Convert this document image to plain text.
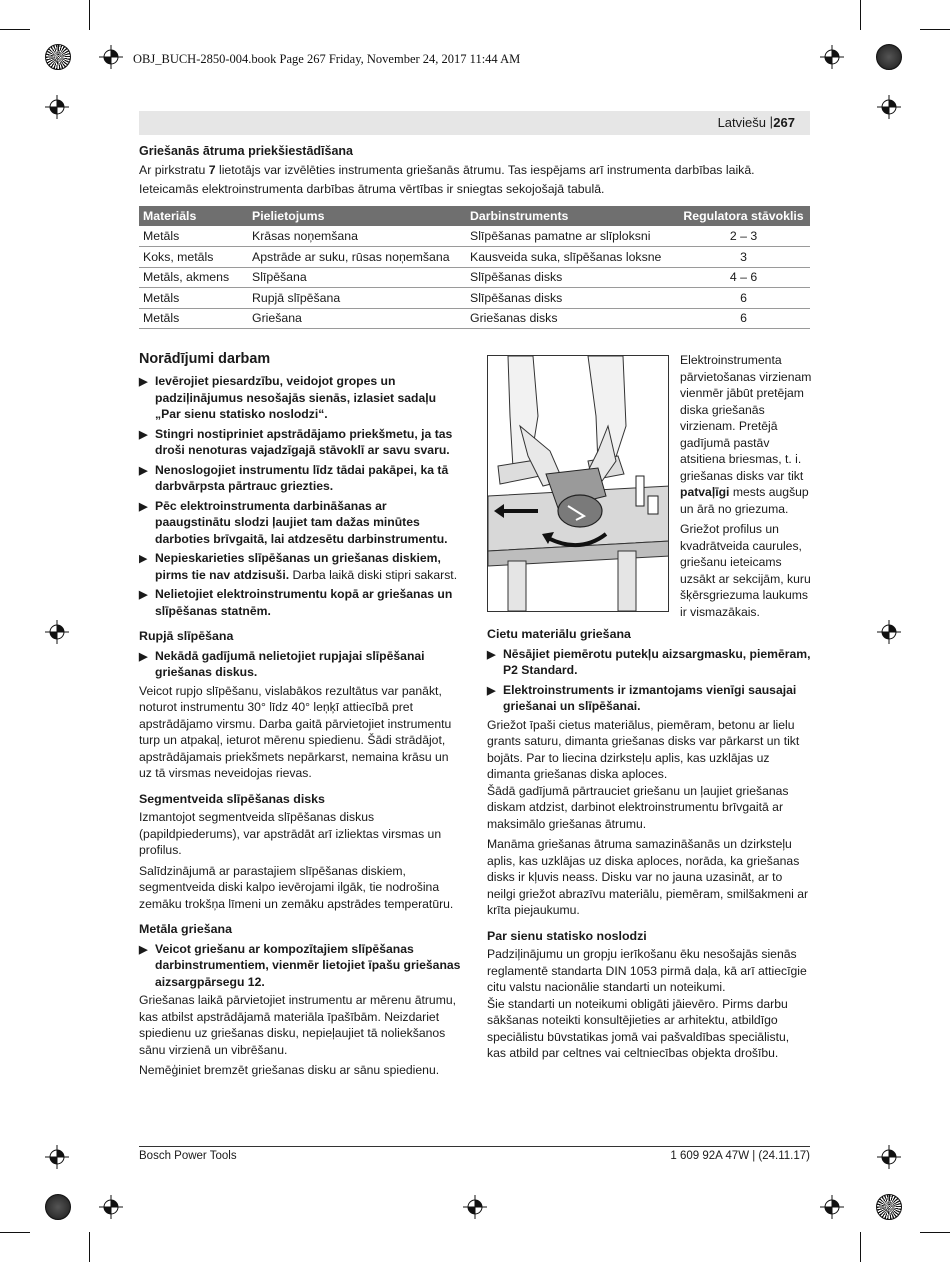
OBJ_BUCH-2850-004.book Page 267 Friday, November 24, 2017 11:44 AM
Latviešu | 267
Griešanās ātruma priekšiestādīšana
Ar pirkstratu 7 lietotājs var izvēlēties instrumenta griešanās ātrumu. Tas iespējams arī instrumenta darbības laikā.
Ieteicamās elektroinstrumenta darbības ātruma vērtības ir sniegtas sekojošajā tabulā.
Materiāls	Pielietojums	Darbinstruments	Regulatora stāvoklis
Metāls	Krāsas noņemšana	Slīpēšanas pamatne ar slīploksni	2 – 3
Koks, metāls	Apstrāde ar suku, rūsas noņemšana	Kausveida suka, slīpēšanas loksne	3
Metāls, akmens	Slīpēšana	Slīpēšanas disks	4 – 6
Metāls	Rupjā slīpēšana	Slīpēšanas disks	6
Metāls	Griešana	Griešanas disks	6
Norādījumi darbam
▶ Ievērojiet piesardzību, veidojot gropes un padziļinājumus nesošajās sienās, izlasiet sadaļu „Par sienu statisko noslodzi“.
▶ Stingri nostipriniet apstrādājamo priekšmetu, ja tas droši nenoturas vajadzīgajā stāvoklī ar savu svaru.
▶ Nenoslogojiet instrumentu līdz tādai pakāpei, ka tā darbvārpsta pārtrauc griezties.
▶ Pēc elektroinstrumenta darbināšanas ar paaugstinātu slodzi ļaujiet tam dažas minūtes darboties brīvgaitā, lai atdzesētu darbinstrumentu.
▶ Nepieskarieties slīpēšanas un griešanas diskiem, pirms tie nav atdzisuši. Darba laikā diski stipri sakarst.
▶ Nelietojiet elektroinstrumentu kopā ar griešanas un slīpēšanas statnēm.
Rupjā slīpēšana
▶ Nekādā gadījumā nelietojiet rupjajai slīpēšanai griešanas diskus.

Veicot rupjo slīpēšanu, vislabākos rezultātus var panākt, noturot instrumentu 30° līdz 40° leņķī attiecībā pret apstrādājamo virsmu. Darba gaitā pārvietojiet instrumentu turp un atpakaļ, ieturot mērenu spiedienu. Šādi strādājot, apstrādājamais priekšmets nepārkarst, nemaina krāsu un uz tā virsmas neveidojas rievas.

Segmentveida slīpēšanas disks

Izmantojot segmentveida slīpēšanas diskus (papildpiederums), var apstrādāt arī izliektas virsmas un profilus.

Salīdzinājumā ar parastajiem slīpēšanas diskiem, segmentveida diski kalpo ievērojami ilgāk, tie nodrošina zemāku trokšņa līmeni un zemāku apstrādes temperatūru.

Metāla griešana
▶ Veicot griešanu ar kompozītajiem slīpēšanas darbinstrumentiem, vienmēr lietojiet īpašu griešanas aizsargpārsegu 12.

Griešanas laikā pārvietojiet instrumentu ar mērenu ātrumu, kas atbilst apstrādājamā materiāla īpašībām. Neizdariet spiedienu uz griešanas disku, nepieļaujiet tā noliekšanos sānu virzienā un vibrēšanu.

Nemēģiniet bremzēt griešanas disku ar sānu spiedienu.

Elektroinstrumenta pārvietošanas virzienam vienmēr jābūt pretējam diska griešanās virzienam. Pretējā gadījumā pastāv atsitiena briesmas, t. i. griešanas disks var tikt patvaļīgi mests augšup un ārā no griezuma.

Griežot profilus un kvadrātveida caurules, griešanu ieteicams uzsākt ar sekcijām, kuru šķērsgriezuma laukums ir vismazākais.

Cietu materiālu griešana
▶ Nēsājiet piemērotu putekļu aizsargmasku, piemēram, P2 Standard.
▶ Elektroinstruments ir izmantojams vienīgi sausajai griešanai un slīpēšanai.

Griežot īpaši cietus materiālus, piemēram, betonu ar lielu grants saturu, dimanta griešanas disks var pārkarst un tikt bojāts. Par to liecina dzirksteļu aplis, kas uzklājas uz dimanta griešanas diska aploces.

Šādā gadījumā pārtrauciet griešanu un ļaujiet griešanas diskam atdzist, darbinot elektroinstrumentu brīvgaitā ar maksimālo griešanas ātrumu.

Manāma griešanas ātruma samazināšanās un dzirksteļu aplis, kas uzklājas uz diska aploces, norāda, ka griešanas disks ir kļuvis neass. Disku var no jauna uzasināt, ar to neilgi griežot abrazīvu materiālu, piemēram, smilšakmeni ar krīta piejaukumu.

Par sienu statisko noslodzi

Padziļinājumu un gropju ierīkošanu ēku nesošajās sienās reglamentē standarta DIN 1053 pirmā daļa, kā arī attiecīgie citu valstu nacionālie standarti un noteikumi.

Šie standarti un noteikumi obligāti jāievēro. Pirms darbu sākšanas noteikti konsultējieties ar arhitektu, atbildīgo speciālistu būvstatikas jomā vai pašvaldības speciālistu, kas atbild par celtnes vai celtniecības objekta drošību.

Bosch Power Tools	1 609 92A 47W | (24.11.17)
